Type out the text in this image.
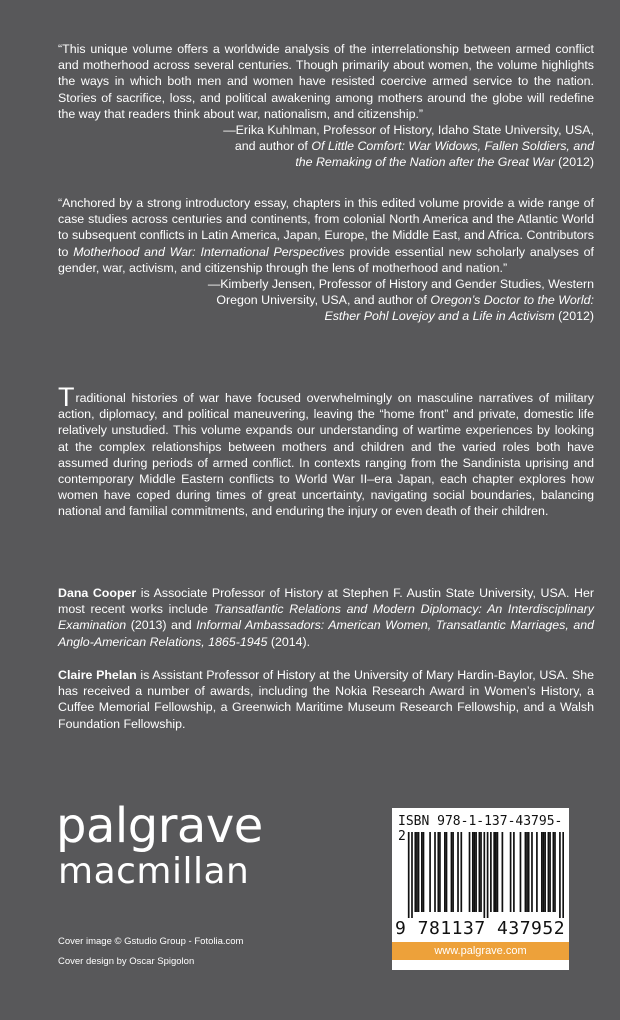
“This unique volume offers a worldwide analysis of the interrelationship between armed conflict and motherhood across several centuries. Though primarily about women, the volume highlights the ways in which both men and women have resisted coercive armed service to the nation. Stories of sacrifice, loss, and political awakening among mothers around the globe will redefine the way that readers think about war, nationalism, and citizenship.”

—Erika Kuhlman, Professor of History, Idaho State University, USA,

and author of Of Little Comfort: War Widows, Fallen Soldiers, and

the Remaking of the Nation after the Great War (2012)

“Anchored by a strong introductory essay, chapters in this edited volume provide a wide range of case studies across centuries and continents, from colonial North America and the Atlantic World to subsequent conflicts in Latin America, Japan, Europe, the Middle East, and Africa. Contributors to Motherhood and War: International Perspectives provide essential new scholarly analyses of gender, war, activism, and citizenship through the lens of motherhood and nation.”

—Kimberly Jensen, Professor of History and Gender Studies, Western

Oregon University, USA, and author of Oregon’s Doctor to the World:

Esther Pohl Lovejoy and a Life in Activism (2012)

Traditional histories of war have focused overwhelmingly on masculine narratives of military action, diplomacy, and political maneuvering, leaving the “home front” and private, domestic life relatively unstudied. This volume expands our understanding of wartime experiences by looking at the complex relationships between mothers and children and the varied roles both have assumed during periods of armed conflict. In contexts ranging from the Sandinista uprising and contemporary Middle Eastern conflicts to World War II–era Japan, each chapter explores how women have coped during times of great uncertainty, navigating social boundaries, balancing national and familial commitments, and enduring the injury or even death of their children.
Dana Cooper is Associate Professor of History at Stephen F. Austin State University, USA. Her most recent works include Transatlantic Relations and Modern Diplomacy: An Interdisciplinary Examination (2013) and Informal Ambassadors: American Women, Transatlantic Marriages, and Anglo-American Relations, 1865-1945 (2014).
Claire Phelan is Assistant Professor of History at the University of Mary Hardin-Baylor, USA. She has received a number of awards, including the Nokia Research Award in Women’s History, a Cuffee Memorial Fellowship, a Greenwich Maritime Museum Research Fellowship, and a Walsh Foundation Fellowship.
palgrave
macmillan
Cover image © Gstudio Group - Fotolia.com
Cover design by Oscar Spigolon
ISBN 978-1-137-43795-2
9 781137 437952
www.palgrave.com
